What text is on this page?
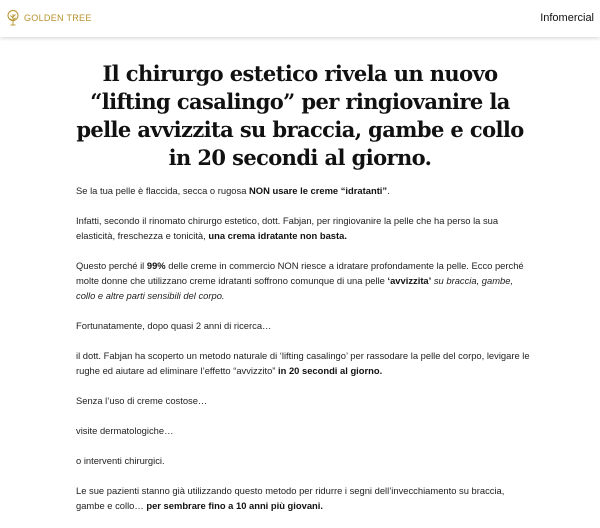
GOLDEN TREE	Infomercial
Il chirurgo estetico rivela un nuovo “lifting casalingo” per ringiovanire la pelle avvizzita su braccia, gambe e collo in 20 secondi al giorno.

Se la tua pelle è flaccida, secca o rugosa NON usare le creme “idratanti”.

Infatti, secondo il rinomato chirurgo estetico, dott. Fabjan, per ringiovanire la pelle che ha perso la sua elasticità, freschezza e tonicità, una crema idratante non basta.

Questo perché il 99% delle creme in commercio NON riesce a idratare profondamente la pelle. Ecco perché molte donne che utilizzano creme idratanti soffrono comunque di una pelle ‘avvizzita’ su braccia, gambe, collo e altre parti sensibili del corpo.

Fortunatamente, dopo quasi 2 anni di ricerca…

il dott. Fabjan ha scoperto un metodo naturale di ‘lifting casalingo’ per rassodare la pelle del corpo, levigare le rughe ed aiutare ad eliminare l’effetto “avvizzito” in 20 secondi al giorno.

Senza l’uso di creme costose…

visite dermatologiche…

o interventi chirurgici.

Le sue pazienti stanno già utilizzando questo metodo per ridurre i segni dell’invecchiamento su braccia, gambe e collo… per sembrare fino a 10 anni più giovani.
